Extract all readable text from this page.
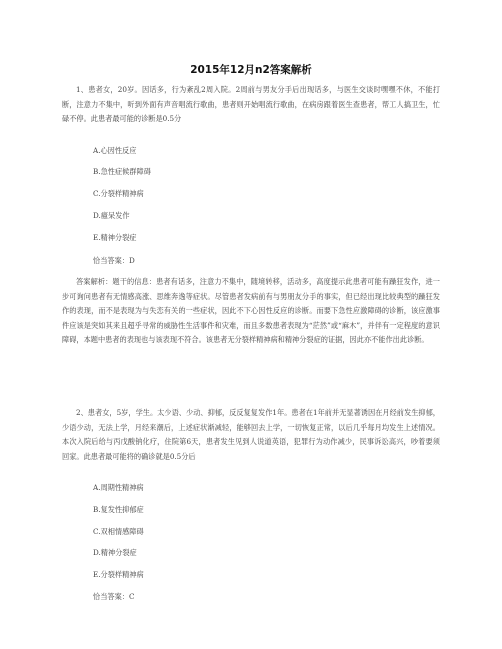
2015年12月n2答案解析

1、患者女，20岁。因话多，行为紊乱2周入院。2周前与男友分手后出现话多，与医生交谈时嘿嘿不休，不能打断，注意力不集中，听到外面有声音唱流行歌曲，患者则开始唱流行歌曲，在病房跟着医生查患者，帮工人搞卫生，忙碌不停。此患者最可能的诊断是0.5分

A.心因性反应
B.急性症候群障碍
C.分裂样精神病
D.癔呆发作
E.精神分裂症
恰当答案：D

答案解析：题干的信息：患者有话多，注意力不集中，随境转移，活动多，高度提示此患者可能有躁狂发作，进一步可询问患者有无情感高涨、思维奔逸等症状。尽管患者发病前有与男朋友分手的事实，但已经出现比较典型的躁狂发作的表现，而不是表现为与失恋有关的一些症状，因此不下心因性反应的诊断。而要下急性应激障碍的诊断，该应激事件应该是突如其来且超乎寻常的威胁性生活事件和灾难，而且多数患者表现为“茫然”或“麻木”，并伴有一定程度的意识障碍，本题中患者的表现也与该表现不符合。该患者无分裂样精神病和精神分裂症的证据，因此亦不能作出此诊断。

2、患者女，5岁，学生。太少语、少动、抑郁，反反复复发作1年。患者在1年前并无显著诱因在月经前发生抑郁，少语少动，无法上学，月经来潮后，上述症状渐减轻，能够回去上学，一切恢复正常，以后几乎每月均发生上述情况。本次入院后给与丙戊酸钠化疗，住院第6天，患者发生见到人说道英语，犯罪行为动作减少，民事诉讼高兴，吵着要须回家。此患者最可能将的确诊就是0.5分后

A.周期性精神病
B.复发性抑郁症
C.双相情感障碍
D.精神分裂症
E.分裂样精神病
恰当答案：C
